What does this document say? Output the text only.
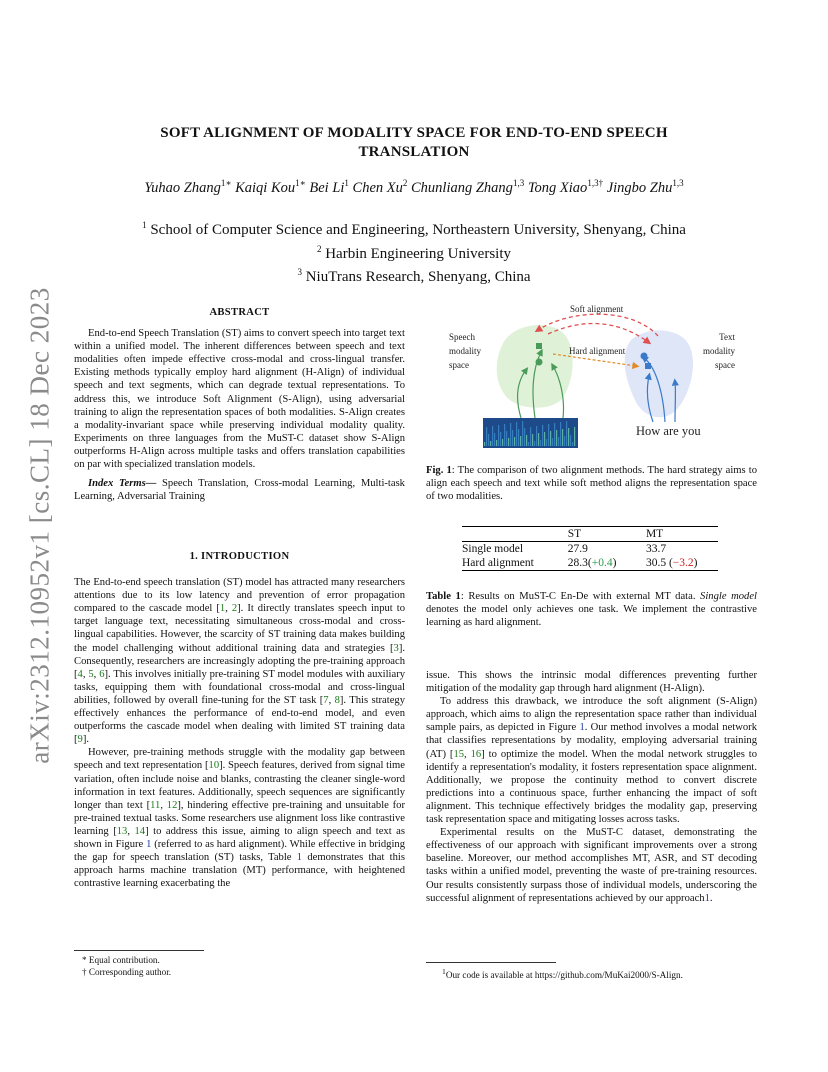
arXiv:2312.10952v1 [cs.CL] 18 Dec 2023
SOFT ALIGNMENT OF MODALITY SPACE FOR END-TO-END SPEECH TRANSLATION
Yuhao Zhang$^{1∗}$ Kaiqi Kou$^{1∗}$ Bei Li$^1$ Chen Xu$^2$ Chunliang Zhang$^{1,3}$ Tong Xiao$^{1,3\dagger}$ Jingbo Zhu$^{1,3}$
$^1$ School of Computer Science and Engineering, Northeastern University, Shenyang, China
$^2$ Harbin Engineering University
$^3$ NiuTrans Research, Shenyang, China
ABSTRACT

End-to-end Speech Translation (ST) aims to convert speech into target text within a unified model. The inherent differences between speech and text modalities often impede effective cross-modal and cross-lingual transfer. Existing methods typically employ hard alignment (H-Align) of individual speech and text segments, which can degrade textual representations. To address this, we introduce Soft Alignment (S-Align), using adversarial training to align the representation spaces of both modalities. S-Align creates a modality-invariant space while preserving individual modality quality. Experiments on three languages from the MuST-C dataset show S-Align outperforms H-Align across multiple tasks and offers translation capabilities on par with specialized translation models.

Index Terms— Speech Translation, Cross-modal Learning, Multi-task Learning, Adversarial Training

1. INTRODUCTION

The End-to-end speech translation (ST) model has attracted many researchers attentions due to its low latency and prevention of error propagation compared to the cascade model [1, 2]. It directly translates speech input to target language text, necessitating simultaneous cross-modal and cross-lingual capabilities. However, the scarcity of ST training data makes building the model challenging without additional training data and strategies [3]. Consequently, researchers are increasingly adopting the pre-training approach [4, 5, 6]. This involves initially pre-training ST model modules with auxiliary tasks, equipping them with foundational cross-modal and cross-lingual abilities, followed by overall fine-tuning for the ST task [7, 8]. This strategy effectively enhances the performance of end-to-end model, and even outperforms the cascade model when dealing with limited ST training data [9].

However, pre-training methods struggle with the modality gap between speech and text representation [10]. Speech features, derived from signal time variation, often include noise and blanks, contrasting the cleaner single-word information in text features. Additionally, speech sequences are significantly longer than text [11, 12], hindering effective pre-training and unsuitable for pre-trained textual tasks. Some researchers use alignment loss like contrastive learning [13, 14] to address this issue, aiming to align speech and text as shown in Figure 1 (referred to as hard alignment). While effective in bridging the gap for speech translation (ST) tasks, Table 1 demonstrates that this approach harms machine translation (MT) performance, with heightened contrastive learning exacerbating the

* Equal contribution.
† Corresponding author.
Soft alignment
Hard alignment
Speech
modality
space
Text
modality
space
How are you

Fig. 1: The comparison of two alignment methods. The hard strategy aims to align each speech and text while soft method aligns the representation space of two modalities.

	ST	MT
Single model	27.9	33.7
Hard alignment	28.3(+0.4)	30.5 (−3.2)

Table 1: Results on MuST-C En-De with external MT data. Single model denotes the model only achieves one task. We implement the contrastive learning as hard alignment.

issue. This shows the intrinsic modal differences preventing further mitigation of the modality gap through hard alignment (H-Align).

To address this drawback, we introduce the soft alignment (S-Align) approach, which aims to align the representation space rather than individual sample pairs, as depicted in Figure 1. Our method involves a modal network that classifies representations by modality, employing adversarial training (AT) [15, 16] to optimize the model. When the modal network struggles to identify a representation's modality, it fosters representation space alignment. Additionally, we propose the continuity method to convert discrete predictions into a continuous space, further enhancing the impact of soft alignment. This technique effectively bridges the modality gap, preserving task representation space and mitigating losses across tasks.

Experimental results on the MuST-C dataset, demonstrating the effectiveness of our approach with significant improvements over a strong baseline. Moreover, our method accomplishes MT, ASR, and ST decoding tasks within a unified model, preventing the waste of pre-training resources. Our results consistently surpass those of individual models, underscoring the successful alignment of representations achieved by our approach1.

$^1$Our code is available at https://github.com/MuKai2000/S-Align.
